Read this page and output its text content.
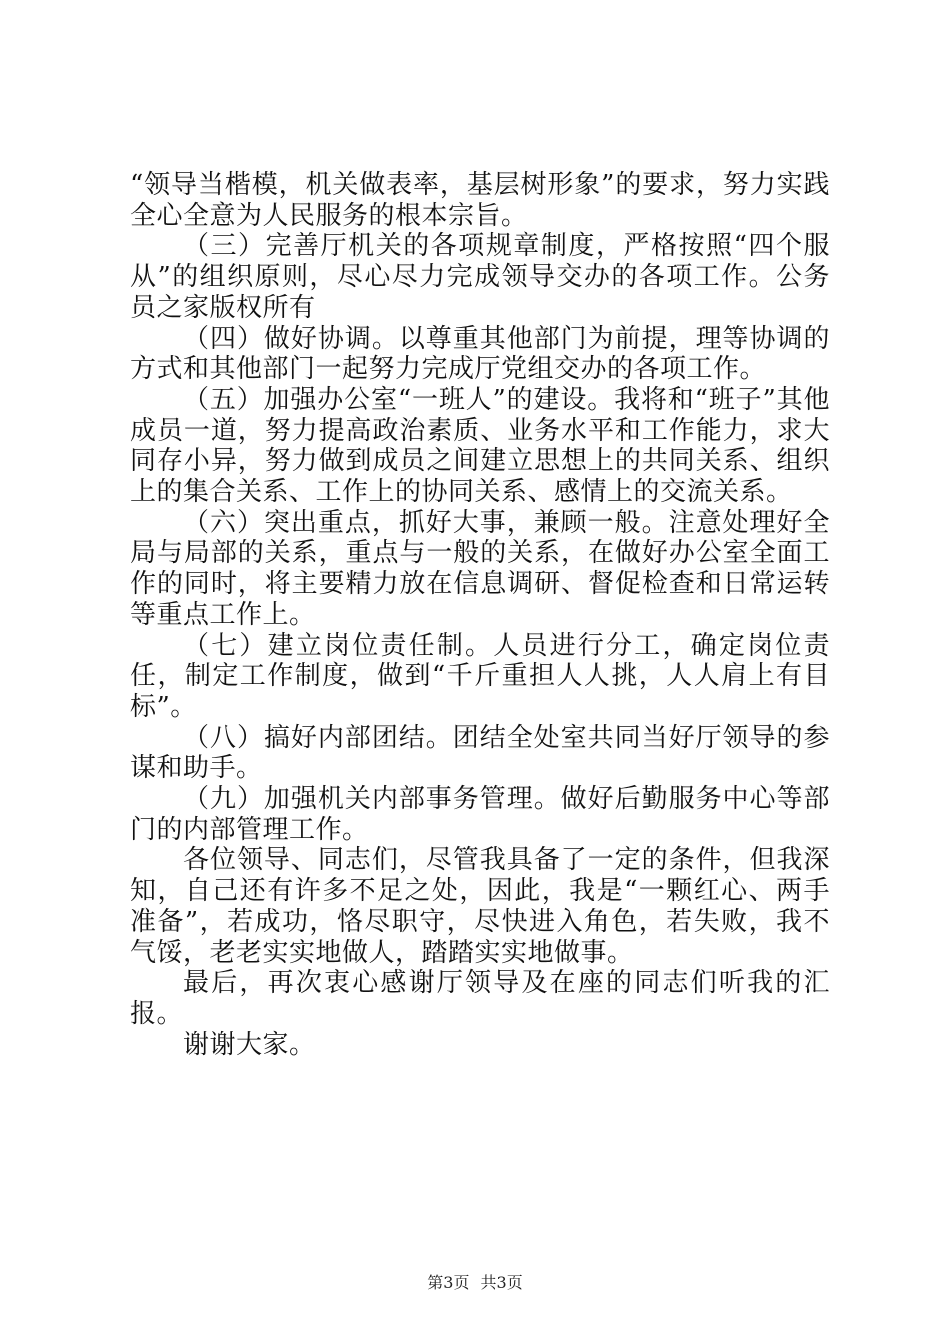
“领导当楷模，机关做表率，基层树形象”的要求，努力实践全心全意为人民服务的根本宗旨。

（三）完善厅机关的各项规章制度，严格按照“四个服从”的组织原则，尽心尽力完成领导交办的各项工作。公务员之家版权所有

（四）做好协调。以尊重其他部门为前提，理等协调的方式和其他部门一起努力完成厅党组交办的各项工作。

（五）加强办公室“一班人”的建设。我将和“班子”其他成员一道，努力提高政治素质、业务水平和工作能力，求大同存小异，努力做到成员之间建立思想上的共同关系、组织上的集合关系、工作上的协同关系、感情上的交流关系。

（六）突出重点，抓好大事，兼顾一般。注意处理好全局与局部的关系，重点与一般的关系，在做好办公室全面工作的同时，将主要精力放在信息调研、督促检查和日常运转等重点工作上。

（七）建立岗位责任制。人员进行分工，确定岗位责任，制定工作制度，做到“千斤重担人人挑，人人肩上有目标”。

（八）搞好内部团结。团结全处室共同当好厅领导的参谋和助手。

（九）加强机关内部事务管理。做好后勤服务中心等部门的内部管理工作。

各位领导、同志们，尽管我具备了一定的条件，但我深知，自己还有许多不足之处，因此，我是“一颗红心、两手准备”，若成功，恪尽职守，尽快进入角色，若失败，我不气馁，老老实实地做人，踏踏实实地做事。

最后，再次衷心感谢厅领导及在座的同志们听我的汇报。

谢谢大家。

第3页 共3页
